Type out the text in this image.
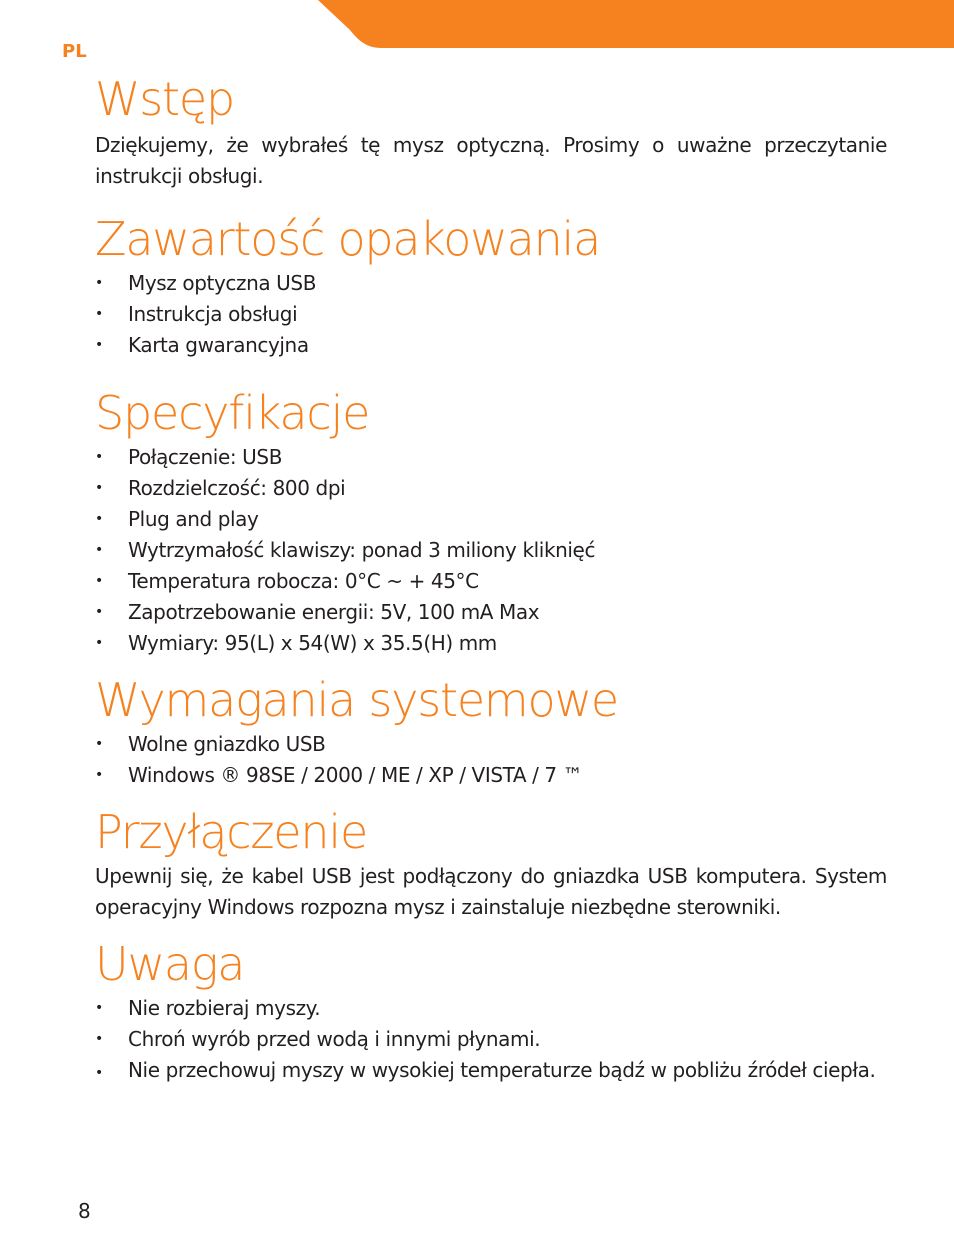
PL
Wstęp

Dziękujemy, że wybrałeś tę mysz optyczną. Prosimy o uważne przeczytanie instrukcji obsługi.

Zawartość opakowania
• Mysz optyczna USB
• Instrukcja obsługi
• Karta gwarancyjna
Specyfikacje
• Połączenie: USB
• Rozdzielczość: 800 dpi
• Plug and play
• Wytrzymałość klawiszy: ponad 3 miliony kliknięć
• Temperatura robocza: 0°C ~ + 45°C
• Zapotrzebowanie energii: 5V, 100 mA Max
• Wymiary: 95(L) x 54(W) x 35.5(H) mm
Wymagania systemowe
• Wolne gniazdko USB
• Windows ® 98SE / 2000 / ME / XP / VISTA / 7 ™
Przyłączenie

Upewnij się, że kabel USB jest podłączony do gniazdka USB komputera. System operacyjny Windows rozpozna mysz i zainstaluje niezbędne sterowniki.

Uwaga
• Nie rozbieraj myszy.
• Chroń wyrób przed wodą i innymi płynami.
• Nie przechowuj myszy w wysokiej temperaturze bądź w pobliżu źródeł ciepła.
8
